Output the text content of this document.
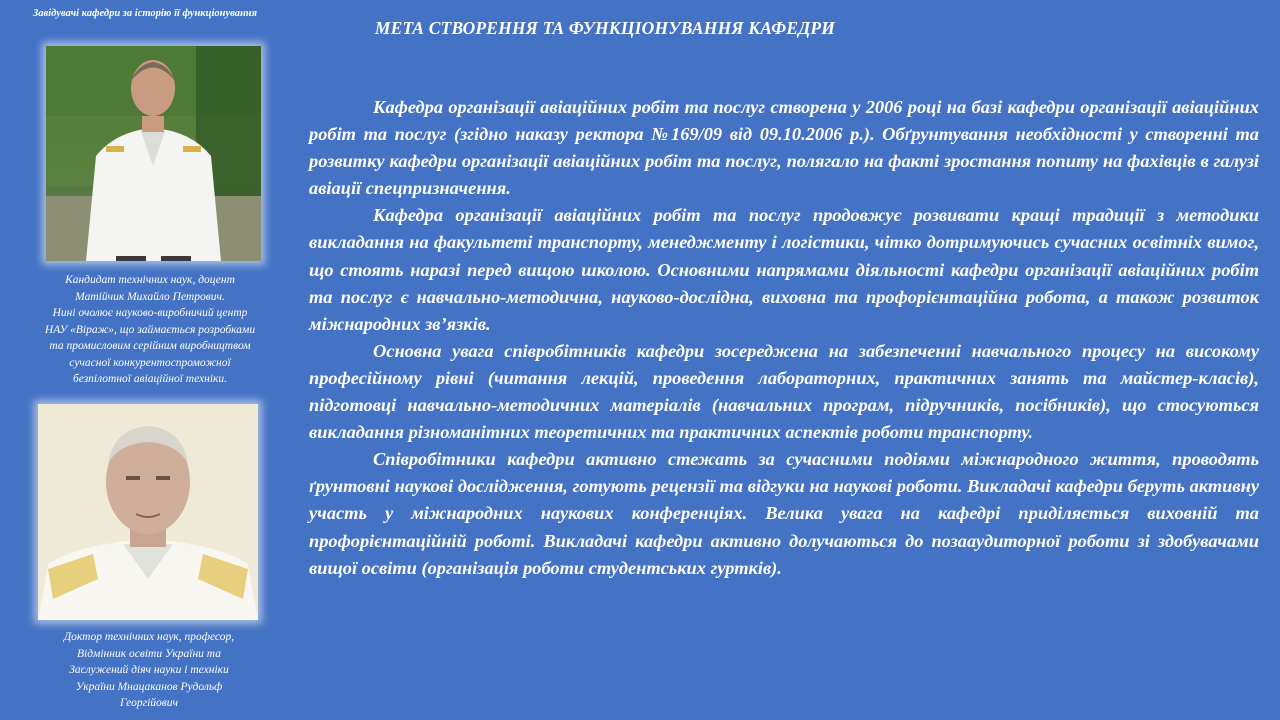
Завідувачі кафедри за історію її функціонування
Кандидат технічних наук, доцент
Матійчик Михайло Петрович.
Нині очолює науково-виробничий центр
НАУ «Віраж», що займається розробками
та промисловим серійним виробництвом
сучасної конкурентоспроможної
безпілотної авіаційної техніки.
Доктор технічних наук, професор,
Відмінник освіти України та
Заслужений діяч науки і техніки
України Мнацаканов Рудольф
Георгійович
МЕТА СТВОРЕННЯ ТА ФУНКЦІОНУВАННЯ КАФЕДРИ

Кафедра організації авіаційних робіт та послуг створена у 2006 році на базі кафедри організації авіаційних робіт та послуг (згідно наказу ректора №169/09 від 09.10.2006 р.). Обґрунтування необхідності у створенні та розвитку кафедри організації авіаційних робіт та послуг, полягало на факті зростання попиту на фахівців в галузі авіації спецпризначення.

Кафедра організації авіаційних робіт та послуг продовжує розвивати кращі традиції з методики викладання на факультеті транспорту, менеджменту і логістики, чітко дотримуючись сучасних освітніх вимог, що стоять наразі перед вищою школою. Основними напрямами діяльності кафедри організації авіаційних робіт та послуг є навчально-методична, науково-дослідна, виховна та профорієнтаційна робота, а також розвиток міжнародних зв’язків.

Основна увага співробітників кафедри зосереджена на забезпеченні навчального процесу на високому професійному рівні (читання лекцій, проведення лабораторних, практичних занять та майстер-класів), підготовці навчально-методичних матеріалів (навчальних програм, підручників, посібників), що стосуються викладання різноманітних теоретичних та практичних аспектів роботи транспорту.

Співробітники кафедри активно стежать за сучасними подіями міжнародного життя, проводять ґрунтовні наукові дослідження, готують рецензії та відгуки на наукові роботи. Викладачі кафедри беруть активну участь у міжнародних наукових конференціях. Велика увага на кафедрі приділяється виховній та профорієнтаційній роботі. Викладачі кафедри активно долучаються до позааудиторної роботи зі здобувачами вищої освіти (організація роботи студентських гуртків).
